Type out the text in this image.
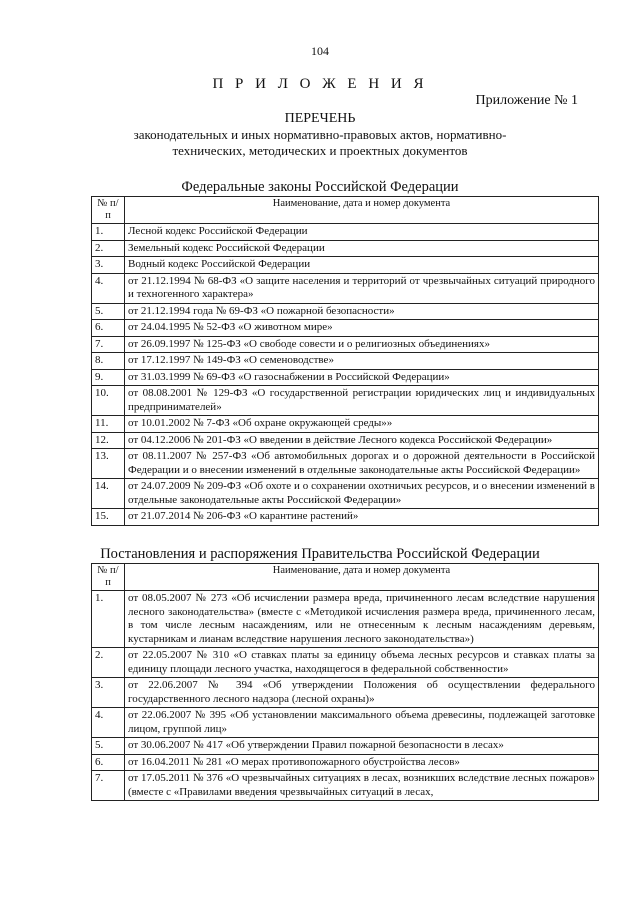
104
П Р И Л О Ж Е Н И Я
Приложение № 1
ПЕРЕЧЕНЬ
законодательных и иных нормативно-правовых актов, нормативно-технических, методических и проектных документов
Федеральные законы Российской Федерации
№ п/п	Наименование, дата и номер документа
1.	Лесной кодекс Российской Федерации
2.	Земельный кодекс Российской Федерации
3.	Водный кодекс Российской Федерации
4.	от 21.12.1994 № 68-ФЗ «О защите населения и территорий от чрезвычайных ситуаций природного и техногенного характера»
5.	от 21.12.1994 года № 69-ФЗ «О пожарной безопасности»
6.	от 24.04.1995 № 52-ФЗ «О животном мире»
7.	от 26.09.1997 № 125-ФЗ «О свободе совести и о религиозных объединениях»
8.	от 17.12.1997 № 149-ФЗ «О семеноводстве»
9.	от 31.03.1999 № 69-ФЗ «О газоснабжении в Российской Федерации»
10.	от 08.08.2001 № 129-ФЗ «О государственной регистрации юридических лиц и индивидуальных предпринимателей»
11.	от 10.01.2002 № 7-ФЗ «Об охране окружающей среды»»
12.	от 04.12.2006 № 201-ФЗ «О введении в действие Лесного кодекса Российской Федерации»
13.	от 08.11.2007 № 257-ФЗ «Об автомобильных дорогах и о дорожной деятельности в Российской Федерации и о внесении изменений в отдельные законодательные акты Российской Федерации»
14.	от 24.07.2009 № 209-ФЗ «Об охоте и о сохранении охотничьих ресурсов, и о внесении изменений в отдельные законодательные акты Российской Федерации»
15.	от 21.07.2014 № 206-ФЗ «О карантине растений»
Постановления и распоряжения Правительства Российской Федерации
№ п/п	Наименование, дата и номер документа
1.	от 08.05.2007 № 273 «Об исчислении размера вреда, причиненного лесам вследствие нарушения лесного законодательства» (вместе с «Методикой исчисления размера вреда, причиненного лесам, в том числе лесным насаждениям, или не отнесенным к лесным насаждениям деревьям, кустарникам и лианам вследствие нарушения лесного законодательства»)
2.	от 22.05.2007 № 310 «О ставках платы за единицу объема лесных ресурсов и ставках платы за единицу площади лесного участка, находящегося в федеральной собственности»
3.	от 22.06.2007 № 394 «Об утверждении Положения об осуществлении федерального государственного лесного надзора (лесной охраны)»
4.	от 22.06.2007 № 395 «Об установлении максимального объема древесины, подлежащей заготовке лицом, группой лиц»
5.	от 30.06.2007 № 417 «Об утверждении Правил пожарной безопасности в лесах»
6.	от 16.04.2011 № 281 «О мерах противопожарного обустройства лесов»
7.	от 17.05.2011 № 376 «О чрезвычайных ситуациях в лесах, возникших вследствие лесных пожаров» (вместе с «Правилами введения чрезвычайных ситуаций в лесах,
